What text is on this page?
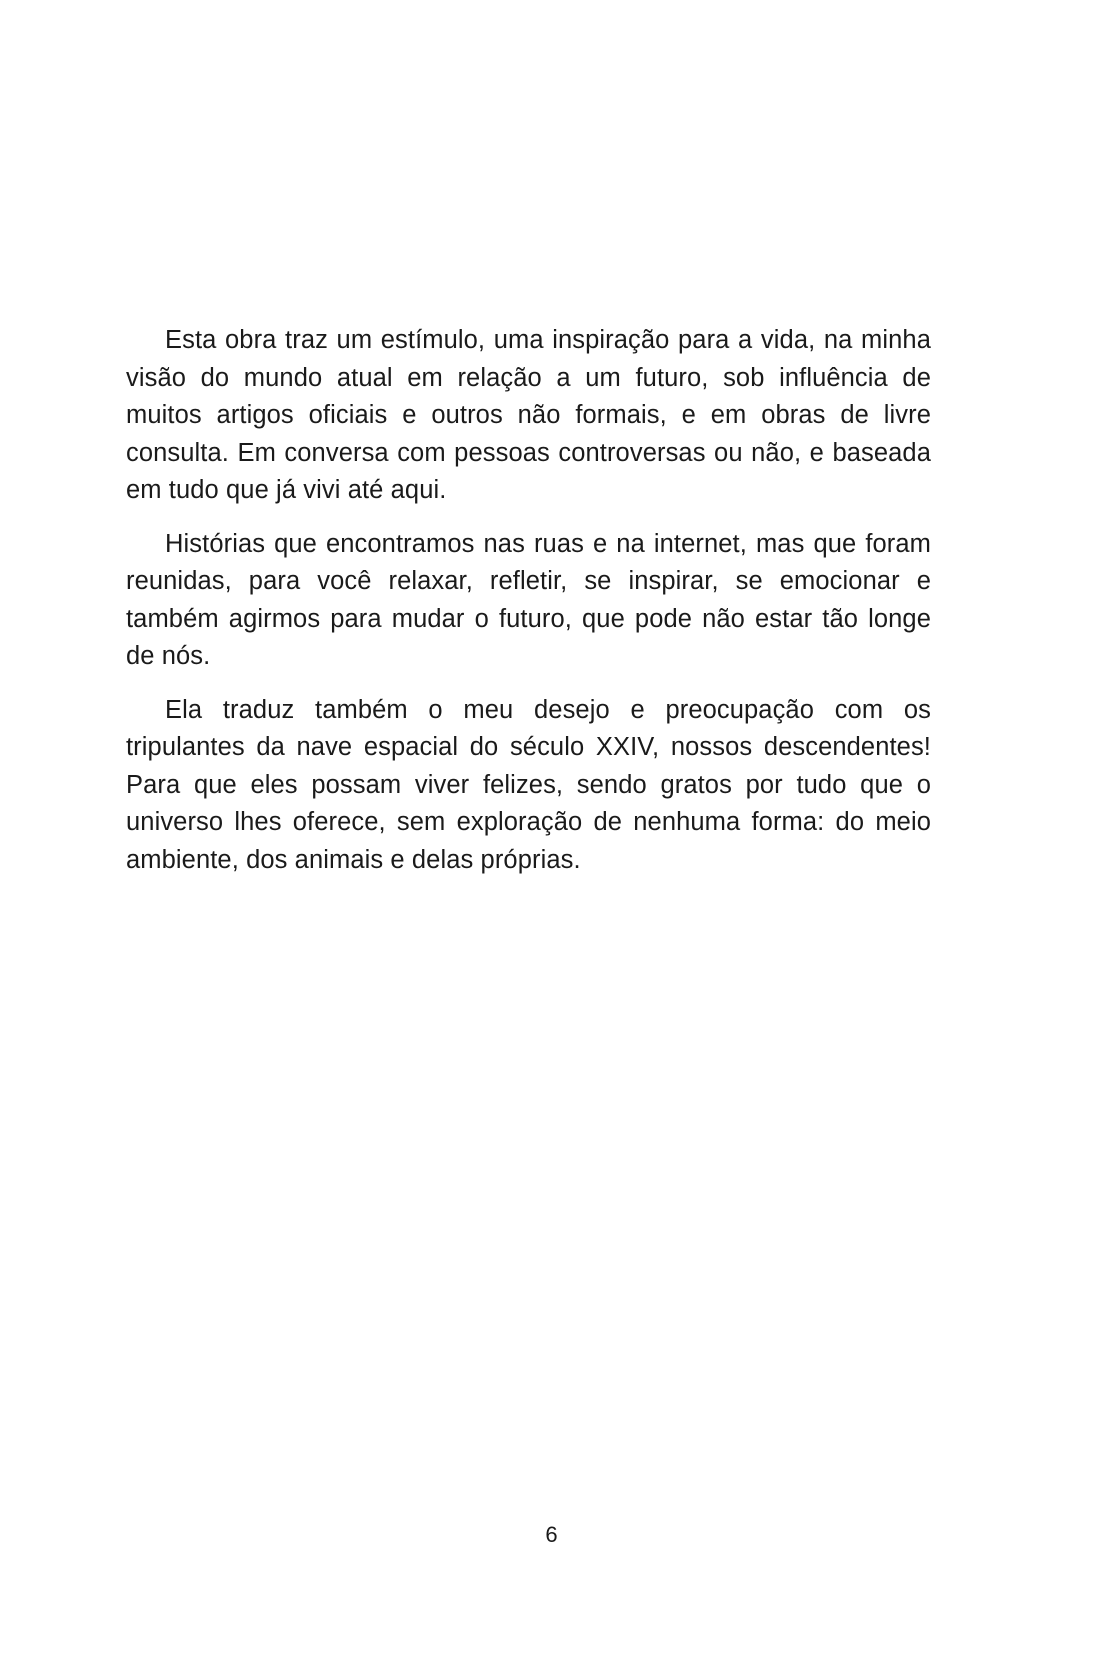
Esta obra traz um estímulo, uma inspiração para a vida, na minha visão do mundo atual em relação a um futuro, sob influência de muitos artigos oficiais e outros não formais, e em obras de livre consulta. Em conversa com pessoas controversas ou não, e baseada em tudo que já vivi até aqui.

Histórias que encontramos nas ruas e na internet, mas que foram reunidas, para você relaxar, refletir, se inspirar, se emocionar e também agirmos para mudar o futuro, que pode não estar tão longe de nós.

Ela traduz também o meu desejo e preocupação com os tripulantes da nave espacial do século XXIV, nossos descendentes! Para que eles possam viver felizes, sendo gratos por tudo que o universo lhes oferece, sem exploração de nenhuma forma: do meio ambiente, dos animais e delas próprias.

6
